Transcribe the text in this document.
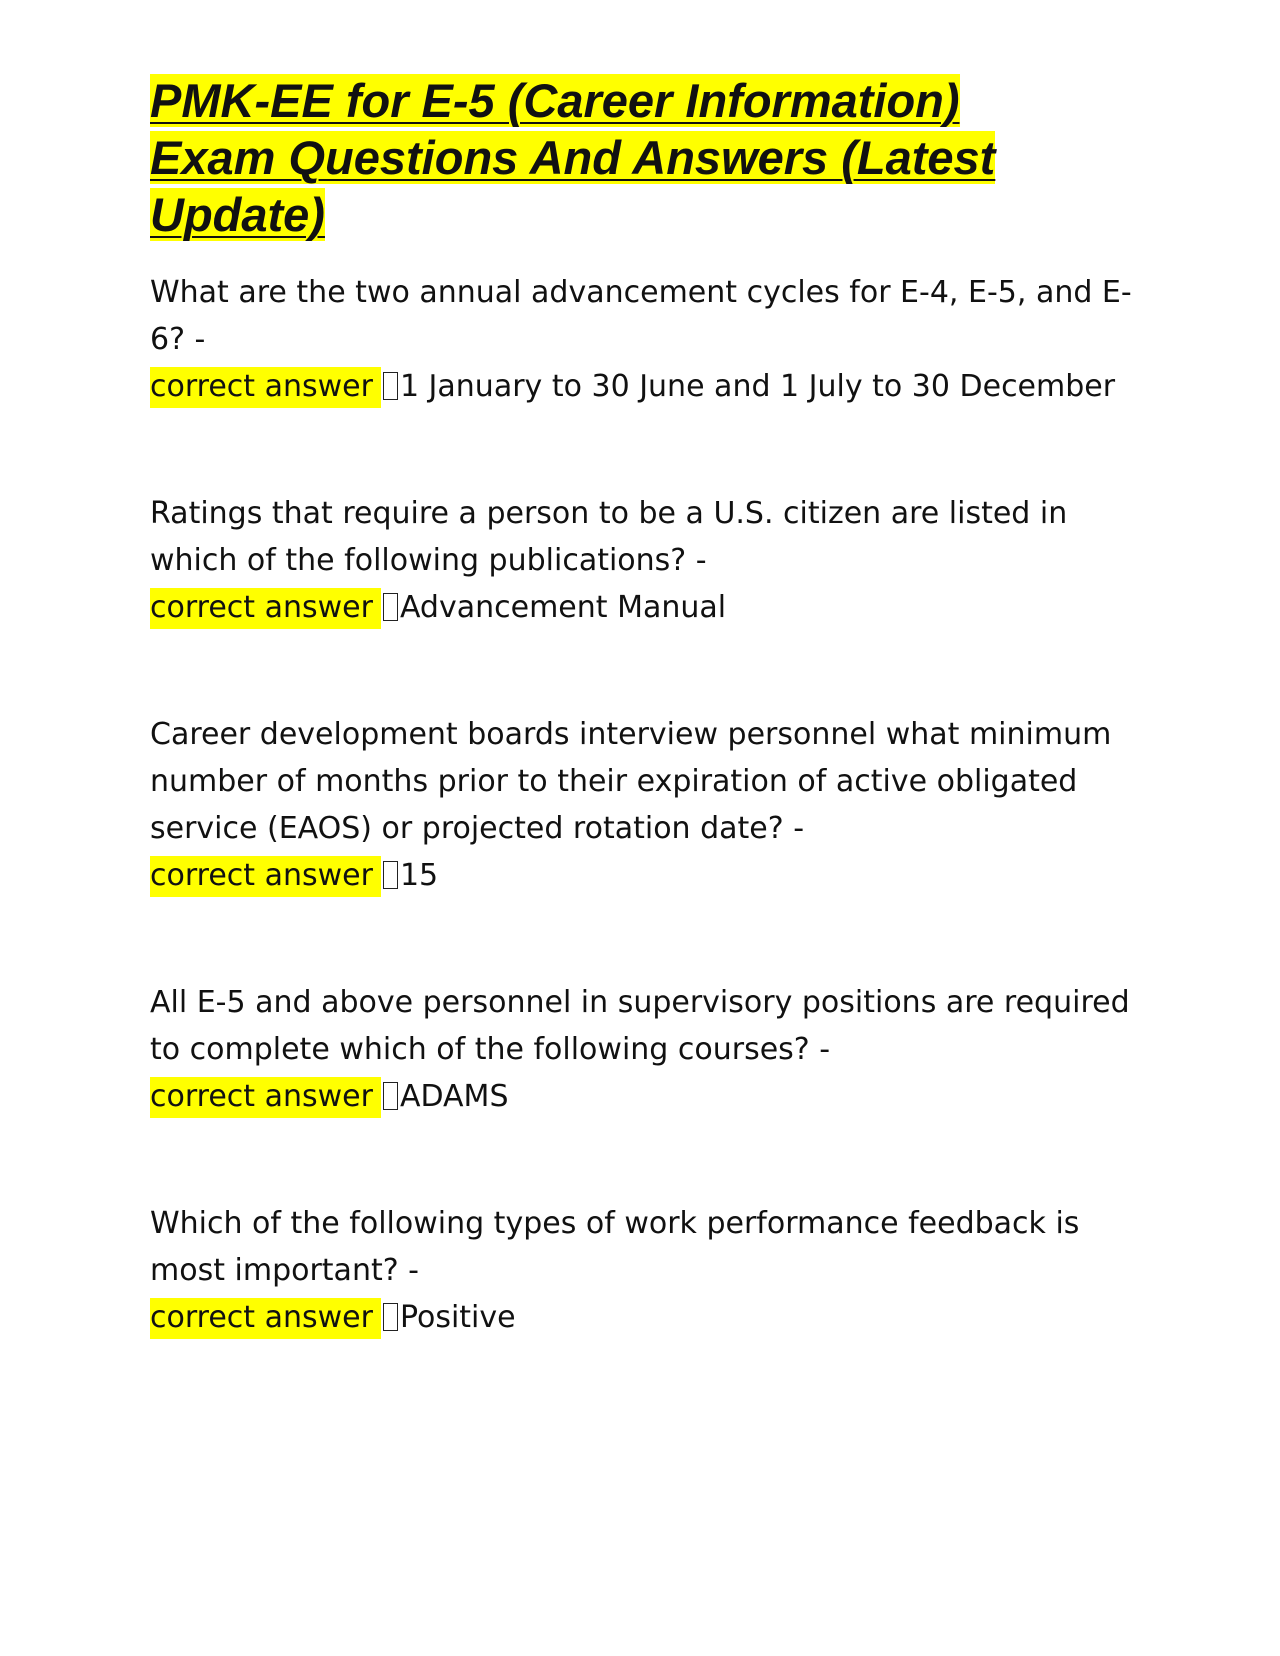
PMK-EE for E-5 (Career Information)
Exam Questions And Answers (Latest
Update)

What are the two annual advancement cycles for E-4, E-5, and E-6? -

correct answer 1 January to 30 June and 1 July to 30 December

Ratings that require a person to be a U.S. citizen are listed in which of the following publications? -

correct answer Advancement Manual

Career development boards interview personnel what minimum number of months prior to their expiration of active obligated service (EAOS) or projected rotation date? -

correct answer 15

All E-5 and above personnel in supervisory positions are required to complete which of the following courses? -

correct answer ADAMS

Which of the following types of work performance feedback is most important? -

correct answer Positive
